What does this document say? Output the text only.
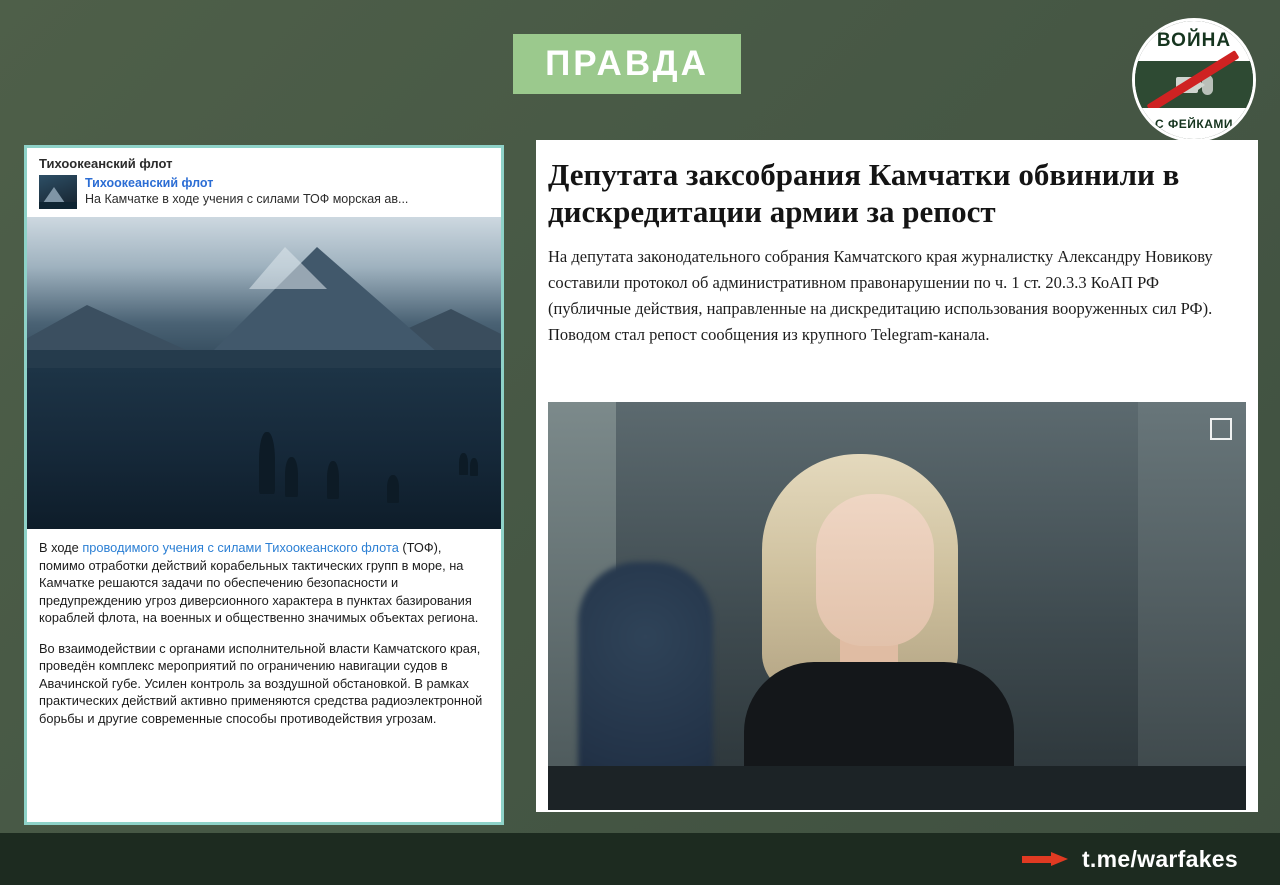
ПРАВДА
ВОЙНА
С ФЕЙКАМИ
Тихоокеанский флот
Тихоокеанский флот
На Камчатке в ходе учения с силами ТОФ морская ав...

В ходе проводимого учения с силами Тихоокеанского флота (ТОФ), помимо отработки действий корабельных тактических групп в море, на Камчатке решаются задачи по обеспечению безопасности и предупреждению угроз диверсионного характера в пунктах базирования кораблей флота, на военных и общественно значимых объектах региона.

Во взаимодействии с органами исполнительной власти Камчатского края, проведён комплекс мероприятий по ограничению навигации судов в Авачинской губе. Усилен контроль за воздушной обстановкой. В рамках практических действий активно применяются средства радиоэлектронной борьбы и другие современные способы противодействия угрозам.

Депутата заксобрания Камчатки обвинили в дискредитации армии за репост

На депутата законодательного собрания Камчатского края журналистку Александру Новикову составили протокол об административном правонарушении по ч. 1 ст. 20.3.3 КоАП РФ (публичные действия, направленные на дискредитацию использования вооруженных сил РФ). Поводом стал репост сообщения из крупного Telegram-канала.

t.me/warfakes
